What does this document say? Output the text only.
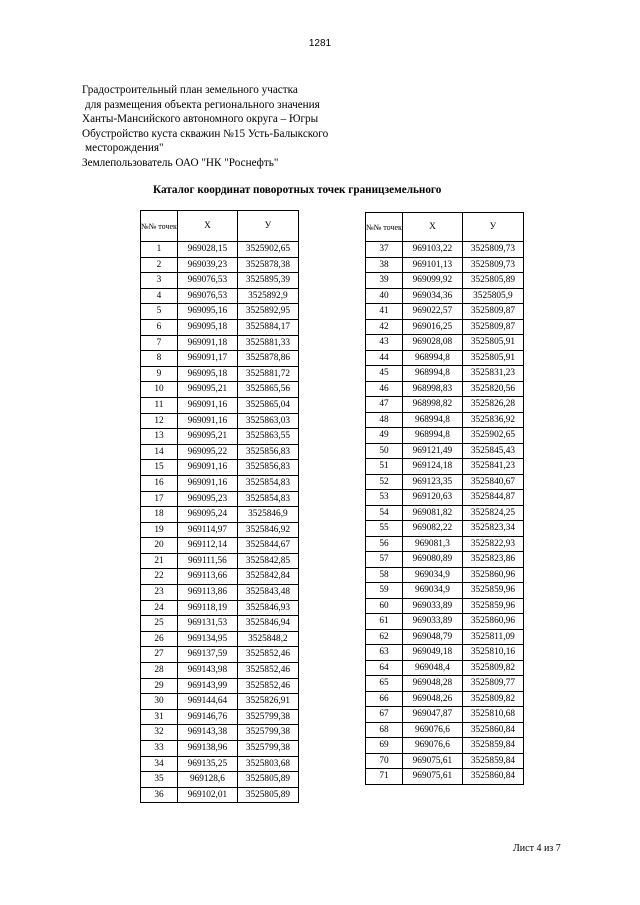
1281
Градостроительный план земельного участка
для размещения объекта регионального значения
Ханты-Мансийского автономного округа – Югры
Обустройство куста скважин №15 Усть-Балыкского
месторождения"
Землепользователь ОАО "НК "Роснефть"
Каталог координат поворотных точек границземельного
№№ точек	Х	У
1	969028,15	3525902,65
2	969039,23	3525878,38
3	969076,53	3525895,39
4	969076,53	3525892,9
5	969095,16	3525892,95
6	969095,18	3525884,17
7	969091,18	3525881,33
8	969091,17	3525878,86
9	969095,18	3525881,72
10	969095,21	3525865,56
11	969091,16	3525865,04
12	969091,16	3525863,03
13	969095,21	3525863,55
14	969095,22	3525856,83
15	969091,16	3525856,83
16	969091,16	3525854,83
17	969095,23	3525854,83
18	969095,24	3525846,9
19	969114,97	3525846,92
20	969112,14	3525844,67
21	969111,56	3525842,85
22	969113,66	3525842,84
23	969113,86	3525843,48
24	969118,19	3525846,93
25	969131,53	3525846,94
26	969134,95	3525848,2
27	969137,59	3525852,46
28	969143,98	3525852,46
29	969143,99	3525852,46
30	969144,64	3525826,91
31	969146,76	3525799,38
32	969143,38	3525799,38
33	969138,96	3525799,38
34	969135,25	3525803,68
35	969128,6	3525805,89
36	969102,01	3525805,89
№№ точек	Х	У
37	969103,22	3525809,73
38	969101,13	3525809,73
39	969099,92	3525805,89
40	969034,36	3525805,9
41	969022,57	3525809,87
42	969016,25	3525809,87
43	969028,08	3525805,91
44	968994,8	3525805,91
45	968994,8	3525831,23
46	968998,83	3525820,56
47	968998,82	3525826,28
48	968994,8	3525836,92
49	968994,8	3525902,65
50	969121,49	3525845,43
51	969124,18	3525841,23
52	969123,35	3525840,67
53	969120,63	3525844,87
54	969081,82	3525824,25
55	969082,22	3525823,34
56	969081,3	3525822,93
57	969080,89	3525823,86
58	969034,9	3525860,96
59	969034,9	3525859,96
60	969033,89	3525859,96
61	969033,89	3525860,96
62	969048,79	3525811,09
63	969049,18	3525810,16
64	969048,4	3525809,82
65	969048,28	3525809,77
66	969048,26	3525809,82
67	969047,87	3525810,68
68	969076,6	3525860,84
69	969076,6	3525859,84
70	969075,61	3525859,84
71	969075,61	3525860,84
Лист 4 из 7
